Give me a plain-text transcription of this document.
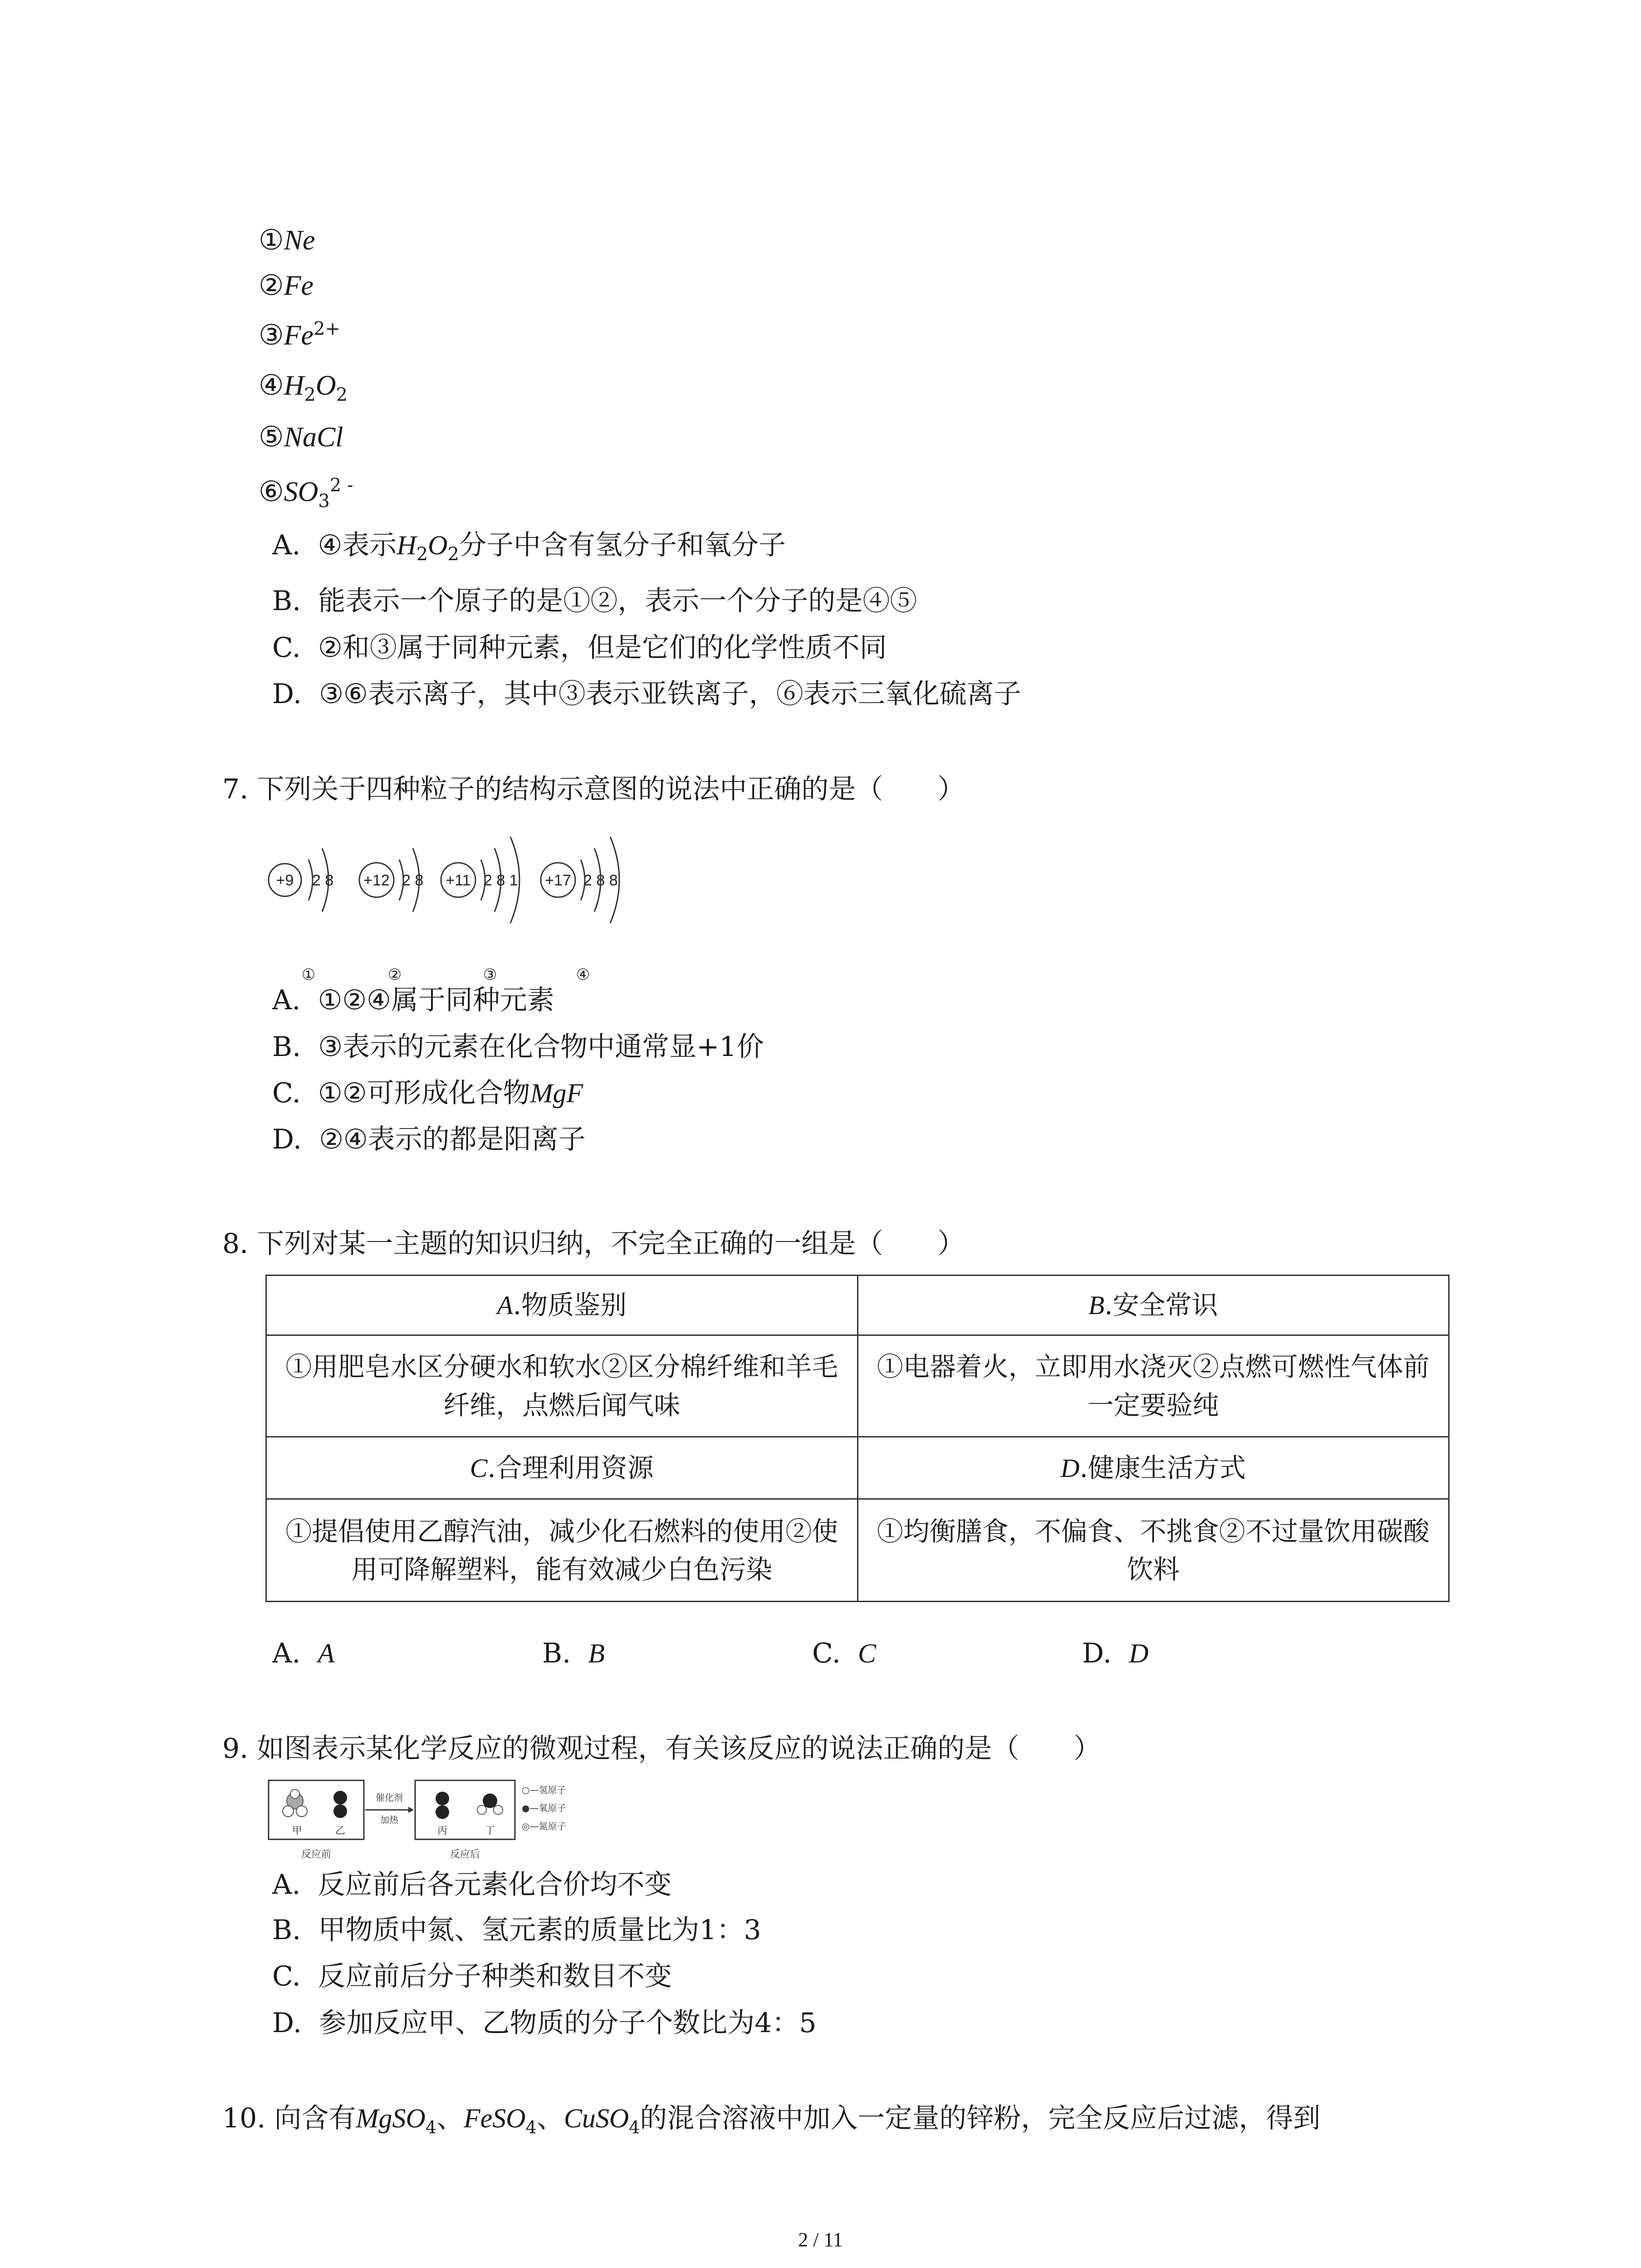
①Ne
②Fe
$③Fe^{2+}$
$④H_2O_2$
⑤NaCl
$⑥SO_3^{2 -}$
A. ④表示$H_2O_2$分子中含有氢分子和氧分子
B. 能表示一个原子的是①②，表示一个分子的是④⑤
C. ②和③属于同种元素，但是它们的化学性质不同
D. ③⑥表示离子，其中③表示亚铁离子，⑥表示三氧化硫离子
7. 下列关于四种粒子的结构示意图的说法中正确的是（　　）
+9 2 8
①
+12 2 8
②
+11 2 8 1
③
+17 2 8 8
④
A. ①②④属于同种元素
B. ③表示的元素在化合物中通常显+1价
C. ①②可形成化合物MgF
D. ②④表示的都是阳离子
8. 下列对某一主题的知识归纳，不完全正确的一组是（　　）
A.物质鉴别	B.安全常识
①用肥皂水区分硬水和软水②区分棉纤维和羊毛纤维，点燃后闻气味	①电器着火，立即用水浇灭②点燃可燃性气体前一定要验纯
C.合理利用资源	D.健康生活方式
①提倡使用乙醇汽油，减少化石燃料的使用②使用可降解塑料，能有效减少白色污染	①均衡膳食，不偏食、不挑食②不过量饮用碳酸饮料
A. A	B. B	C. C	D. D
9. 如图表示某化学反应的微观过程，有关该反应的说法正确的是（　　）
甲	乙
催化剂
加热
丙	丁
反应前	反应后
○—氢原子
●—氧原子
◎—氮原子
A. 反应前后各元素化合价均不变
B. 甲物质中氮、氢元素的质量比为1：3
C. 反应前后分子种类和数目不变
D. 参加反应甲、乙物质的分子个数比为4：5
10. 向含有MgSO$_4$、FeSO$_4$、CuSO$_4$的混合溶液中加入一定量的锌粉，完全反应后过滤，得到
2 / 11
